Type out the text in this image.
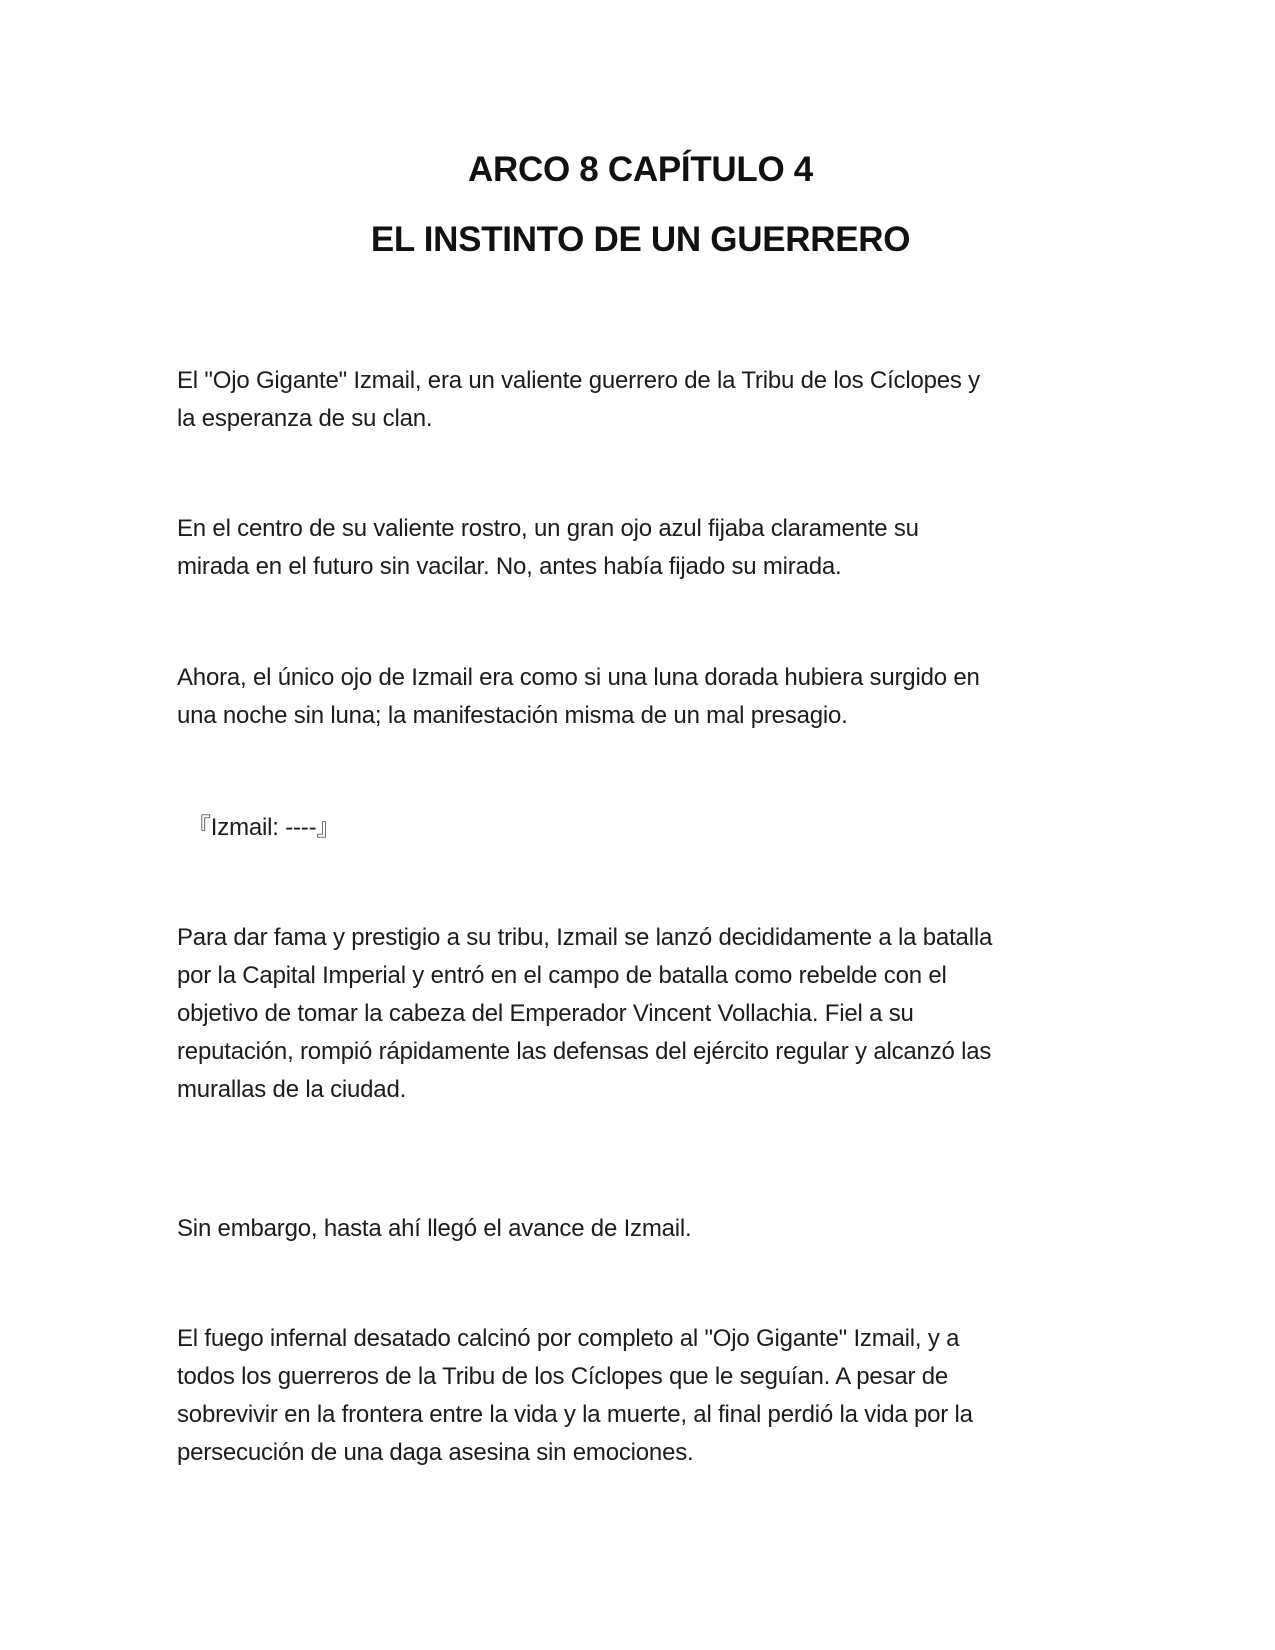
ARCO 8 CAPÍTULO 4
EL INSTINTO DE UN GUERRERO

El "Ojo Gigante" Izmail, era un valiente guerrero de la Tribu de los Cíclopes y
la esperanza de su clan.

En el centro de su valiente rostro, un gran ojo azul fijaba claramente su
mirada en el futuro sin vacilar. No, antes había fijado su mirada.

Ahora, el único ojo de Izmail era como si una luna dorada hubiera surgido en
una noche sin luna; la manifestación misma de un mal presagio.

『Izmail: ----』

Para dar fama y prestigio a su tribu, Izmail se lanzó decididamente a la batalla
por la Capital Imperial y entró en el campo de batalla como rebelde con el
objetivo de tomar la cabeza del Emperador Vincent Vollachia. Fiel a su
reputación, rompió rápidamente las defensas del ejército regular y alcanzó las
murallas de la ciudad.

Sin embargo, hasta ahí llegó el avance de Izmail.

El fuego infernal desatado calcinó por completo al "Ojo Gigante" Izmail, y a
todos los guerreros de la Tribu de los Cíclopes que le seguían. A pesar de
sobrevivir en la frontera entre la vida y la muerte, al final perdió la vida por la
persecución de una daga asesina sin emociones.
